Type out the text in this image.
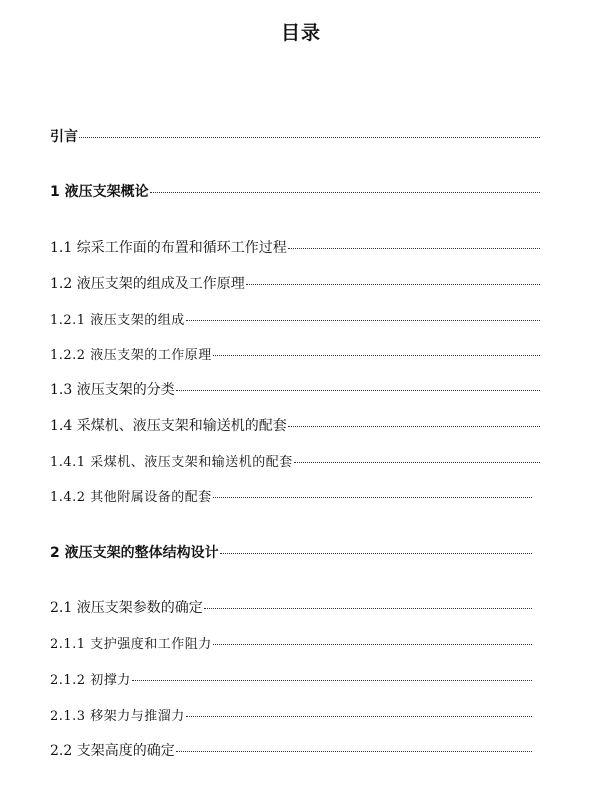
目录
引言
1 液压支架概论
1.1 综采工作面的布置和循环工作过程
1.2 液压支架的组成及工作原理
1.2.1 液压支架的组成
1.2.2 液压支架的工作原理
1.3 液压支架的分类
1.4 采煤机、液压支架和输送机的配套
1.4.1 采煤机、液压支架和输送机的配套
1.4.2 其他附属设备的配套
2 液压支架的整体结构设计
2.1 液压支架参数的确定
2.1.1 支护强度和工作阻力
2.1.2 初撑力
2.1.3 移架力与推溜力
2.2 支架高度的确定
